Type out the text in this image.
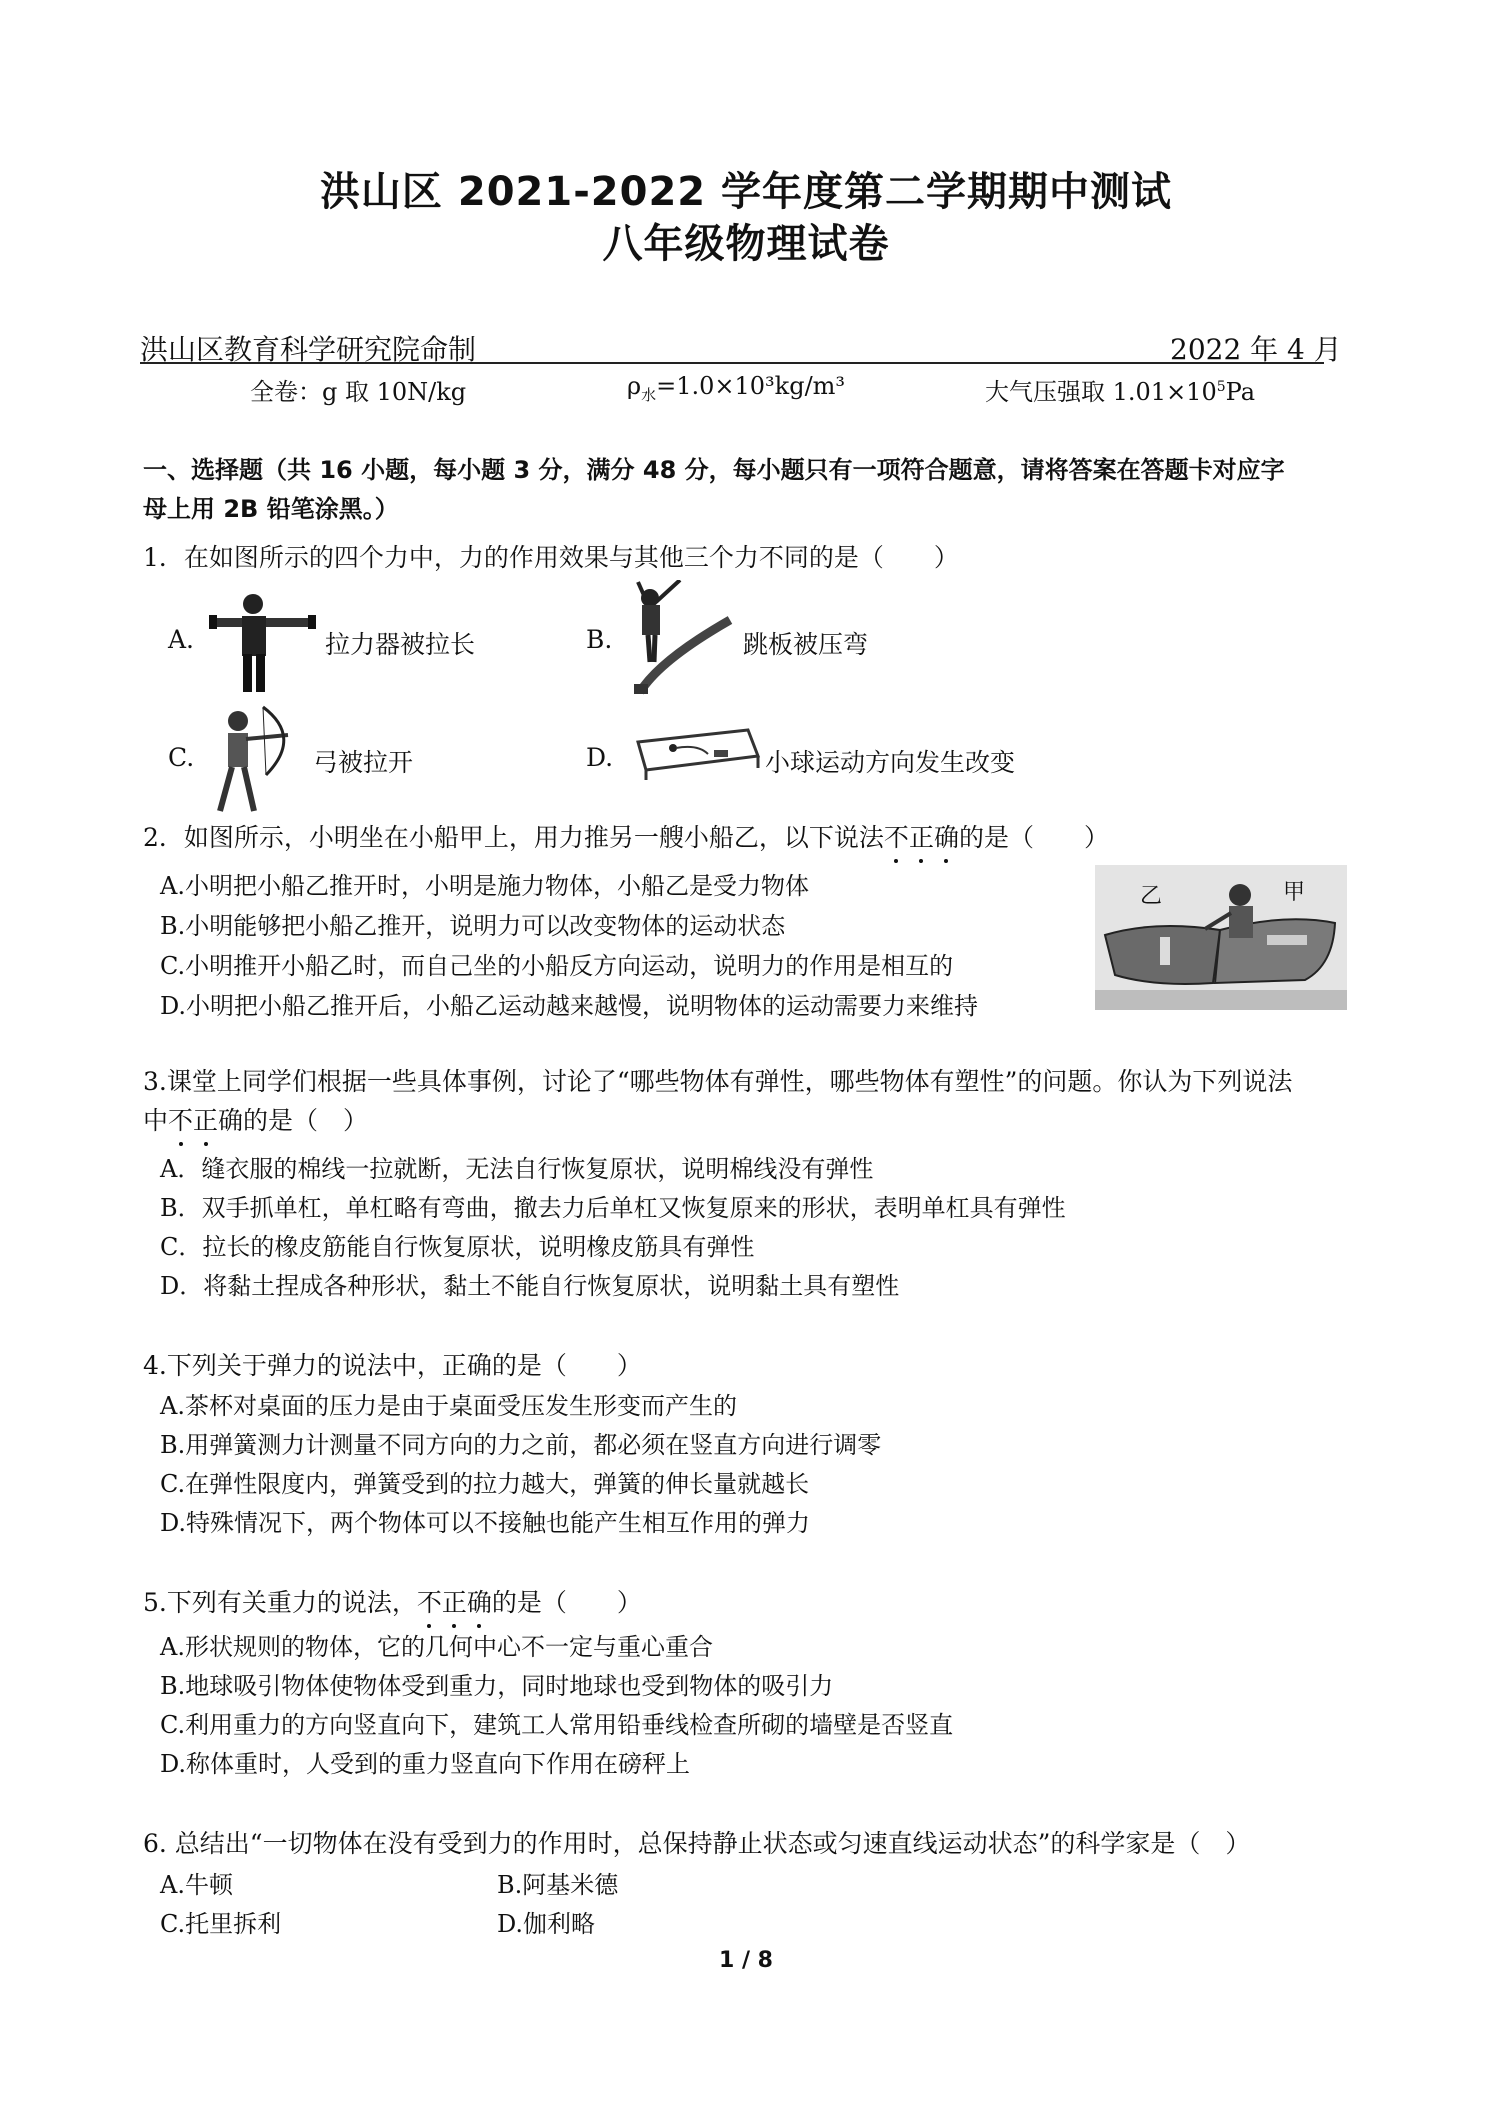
洪山区 2021-2022 学年度第二学期期中测试
八年级物理试卷
洪山区教育科学研究院命制	2022 年 4 月
全卷：g 取 10N/kg	$\rho_水=1.0\times 10^3kg/m^3$	大气压强取 $1.01\times 10^5Pa$
一、选择题（共 16 小题，每小题 3 分，满分 48 分，每小题只有一项符合题意，请将答案在答题卡对应字
母上用 2B 铅笔涂黑。）
1．在如图所示的四个力中，力的作用效果与其他三个力不同的是（　　）
A.	拉力器被拉长	B.	跳板被压弯
C.	弓被拉开	D.	小球运动方向发生改变
2．如图所示，小明坐在小船甲上，用力推另一艘小船乙，以下说法不正确的是（　　）
A.小明把小船乙推开时，小明是施力物体，小船乙是受力物体
B.小明能够把小船乙推开，说明力可以改变物体的运动状态
C.小明推开小船乙时，而自己坐的小船反方向运动，说明力的作用是相互的
D.小明把小船乙推开后，小船乙运动越来越慢，说明物体的运动需要力来维持
乙	甲
3.课堂上同学们根据一些具体事例，讨论了“哪些物体有弹性，哪些物体有塑性”的问题。你认为下列说法
中不正确的是（　）
A．缝衣服的棉线一拉就断，无法自行恢复原状，说明棉线没有弹性
B．双手抓单杠，单杠略有弯曲，撤去力后单杠又恢复原来的形状，表明单杠具有弹性
C．拉长的橡皮筋能自行恢复原状，说明橡皮筋具有弹性
D．将黏土捏成各种形状，黏土不能自行恢复原状，说明黏土具有塑性
4.下列关于弹力的说法中，正确的是（　　）
A.茶杯对桌面的压力是由于桌面受压发生形变而产生的
B.用弹簧测力计测量不同方向的力之前，都必须在竖直方向进行调零
C.在弹性限度内，弹簧受到的拉力越大，弹簧的伸长量就越长
D.特殊情况下，两个物体可以不接触也能产生相互作用的弹力
5.下列有关重力的说法，不正确的是（　　）
A.形状规则的物体，它的几何中心不一定与重心重合
B.地球吸引物体使物体受到重力，同时地球也受到物体的吸引力
C.利用重力的方向竖直向下，建筑工人常用铅垂线检查所砌的墙壁是否竖直
D.称体重时，人受到的重力竖直向下作用在磅秤上
6. 总结出“一切物体在没有受到力的作用时，总保持静止状态或匀速直线运动状态”的科学家是（　）
A.牛顿	B.阿基米德
C.托里拆利	D.伽利略
1 / 8
